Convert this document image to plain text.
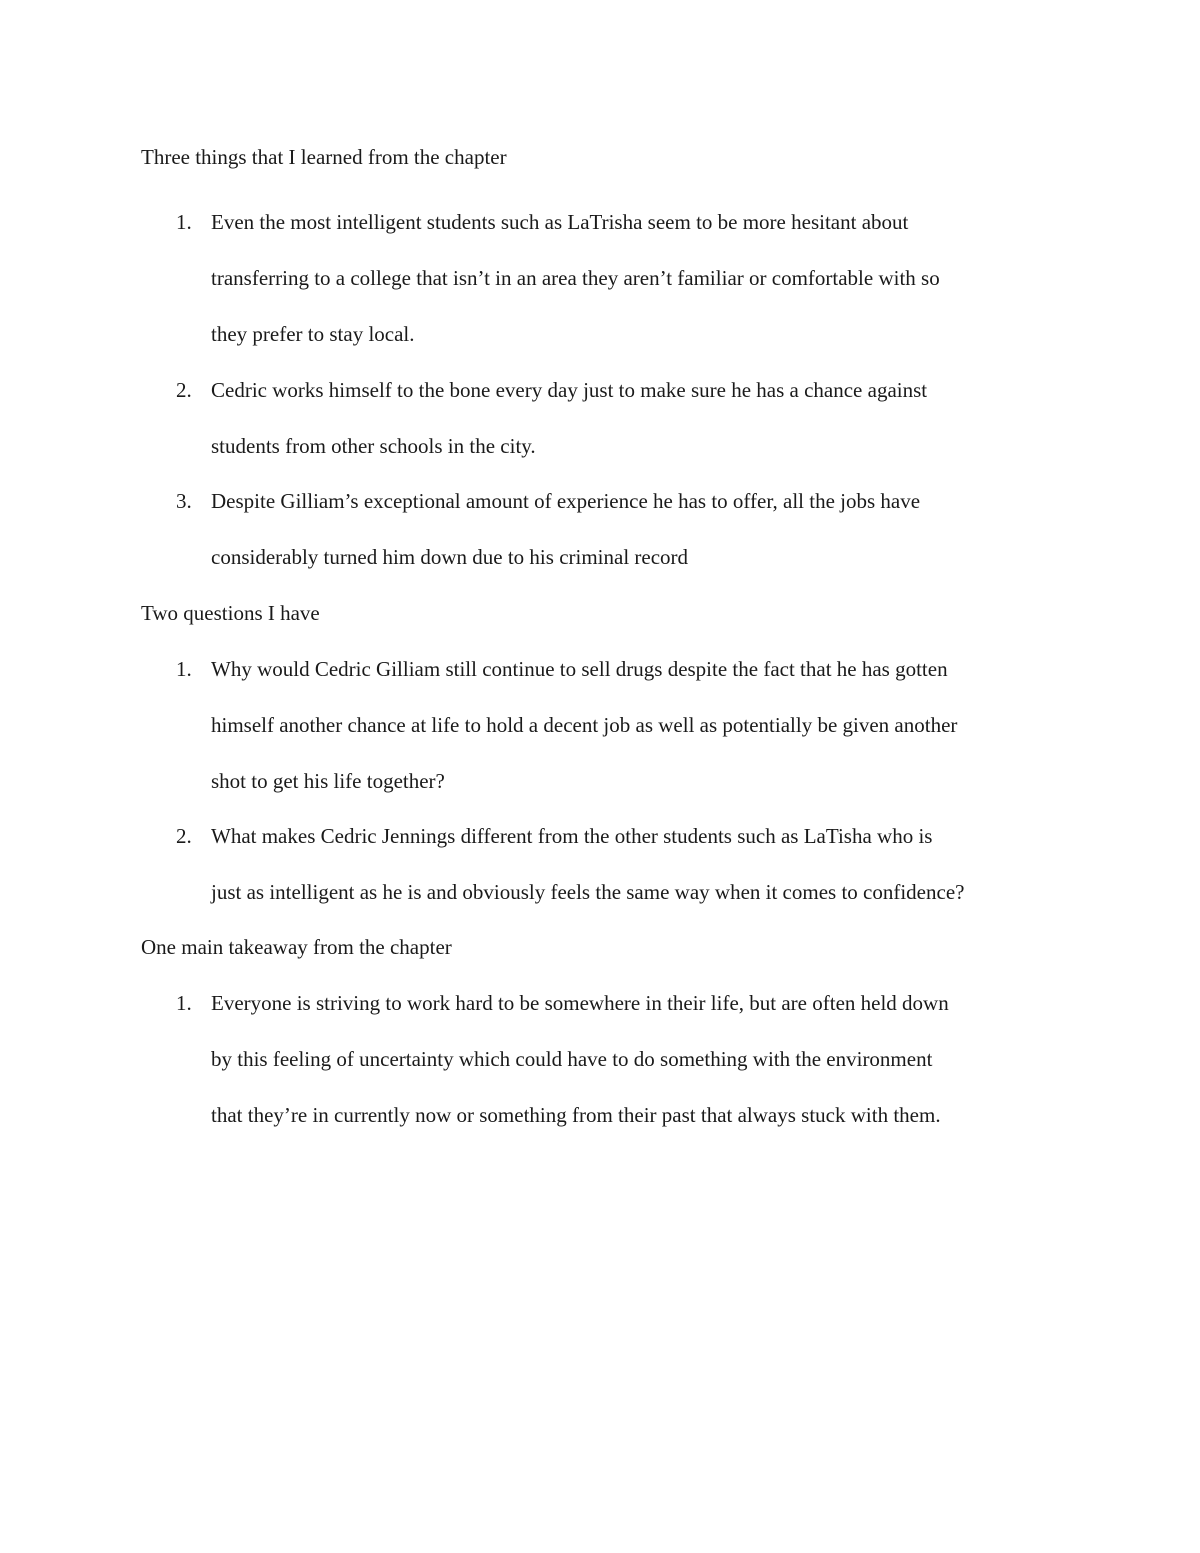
Three things that I learned from the chapter
1. Even the most intelligent students such as LaTrisha seem to be more hesitant about
transferring to a college that isn’t in an area they aren’t familiar or comfortable with so
they prefer to stay local.
2. Cedric works himself to the bone every day just to make sure he has a chance against
students from other schools in the city.
3. Despite Gilliam’s exceptional amount of experience he has to offer, all the jobs have
considerably turned him down due to his criminal record
Two questions I have
1. Why would Cedric Gilliam still continue to sell drugs despite the fact that he has gotten
himself another chance at life to hold a decent job as well as potentially be given another
shot to get his life together?
2. What makes Cedric Jennings different from the other students such as LaTisha who is
just as intelligent as he is and obviously feels the same way when it comes to confidence?
One main takeaway from the chapter
1. Everyone is striving to work hard to be somewhere in their life, but are often held down
by this feeling of uncertainty which could have to do something with the environment
that they’re in currently now or something from their past that always stuck with them.
